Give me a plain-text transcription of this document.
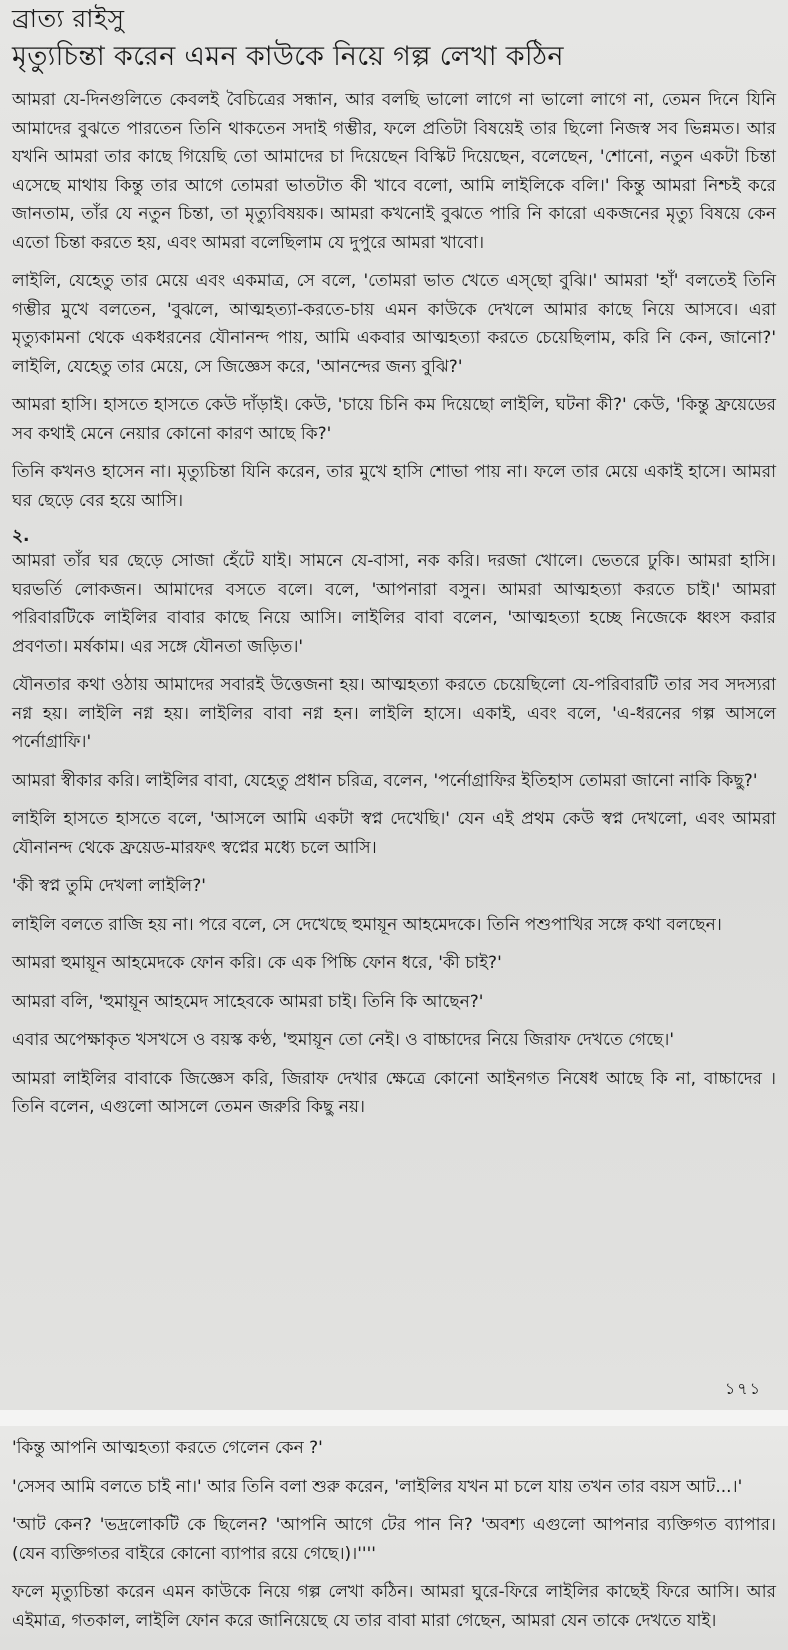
ব্রাত্য রাইসু
মৃত্যুচিন্তা করেন এমন কাউকে নিয়ে গল্প লেখা কঠিন

আমরা যে-দিনগুলিতে কেবলই বৈচিত্রের সন্ধান, আর বলছি ভালো লাগে না ভালো লাগে না, তেমন দিনে যিনি আমাদের বুঝতে পারতেন তিনি থাকতেন সদাই গম্ভীর, ফলে প্রতিটা বিষয়েই তার ছিলো নিজস্ব সব ভিন্নমত। আর যখনি আমরা তার কাছে গিয়েছি তো আমাদের চা দিয়েছেন বিস্কিট দিয়েছেন, বলেছেন, 'শোনো, নতুন একটা চিন্তা এসেছে মাথায় কিন্তু তার আগে তোমরা ভাতটাত কী খাবে বলো, আমি লাইলিকে বলি।' কিন্তু আমরা নিশ্চই করে জানতাম, তাঁর যে নতুন চিন্তা, তা মৃত্যুবিষয়ক। আমরা কখনোই বুঝতে পারি নি কারো একজনের মৃত্যু বিষয়ে কেন এতো চিন্তা করতে হয়, এবং আমরা বলেছিলাম যে দুপুরে আমরা খাবো।

লাইলি, যেহেতু তার মেয়ে এবং একমাত্র, সে বলে, 'তোমরা ভাত খেতে এস্‌ছো বুঝি।' আমরা 'হাঁ' বলতেই তিনি গম্ভীর মুখে বলতেন, 'বুঝলে, আত্মহত্যা-করতে-চায় এমন কাউকে দেখলে আমার কাছে নিয়ে আসবে। এরা মৃত্যুকামনা থেকে একধরনের যৌনানন্দ পায়, আমি একবার আত্মহত্যা করতে চেয়েছিলাম, করি নি কেন, জানো?' লাইলি, যেহেতু তার মেয়ে, সে জিজ্ঞেস করে, 'আনন্দের জন্য বুঝি?'

আমরা হাসি। হাসতে হাসতে কেউ দাঁড়াই। কেউ, 'চায়ে চিনি কম দিয়েছো লাইলি, ঘটনা কী?' কেউ, 'কিন্তু ফ্রয়েডের সব কথাই মেনে নেয়ার কোনো কারণ আছে কি?'

তিনি কখনও হাসেন না। মৃত্যুচিন্তা যিনি করেন, তার মুখে হাসি শোভা পায় না। ফলে তার মেয়ে একাই হাসে। আমরা ঘর ছেড়ে বের হয়ে আসি।

২.

আমরা তাঁর ঘর ছেড়ে সোজা হেঁটে যাই। সামনে যে-বাসা, নক করি। দরজা খোলে। ভেতরে ঢুকি। আমরা হাসি। ঘরভর্তি লোকজন। আমাদের বসতে বলে। বলে, 'আপনারা বসুন। আমরা আত্মহত্যা করতে চাই।' আমরা পরিবারটিকে লাইলির বাবার কাছে নিয়ে আসি। লাইলির বাবা বলেন, 'আত্মহত্যা হচ্ছে নিজেকে ধ্বংস করার প্রবণতা। মর্ষকাম। এর সঙ্গে যৌনতা জড়িত।'

যৌনতার কথা ওঠায় আমাদের সবারই উত্তেজনা হয়। আত্মহত্যা করতে চেয়েছিলো যে-পরিবারটি তার সব সদস্যরা নগ্ন হয়। লাইলি নগ্ন হয়। লাইলির বাবা নগ্ন হন। লাইলি হাসে। একাই, এবং বলে, 'এ-ধরনের গল্প আসলে পর্নোগ্রাফি।'

আমরা স্বীকার করি। লাইলির বাবা, যেহেতু প্রধান চরিত্র, বলেন, 'পর্নোগ্রাফির ইতিহাস তোমরা জানো নাকি কিছু?'

লাইলি হাসতে হাসতে বলে, 'আসলে আমি একটা স্বপ্ন দেখেছি।' যেন এই প্রথম কেউ স্বপ্ন দেখলো, এবং আমরা যৌনানন্দ থেকে ফ্রয়েড-মারফৎ স্বপ্নের মধ্যে চলে আসি।

'কী স্বপ্ন তুমি দেখলা লাইলি?'

লাইলি বলতে রাজি হয় না। পরে বলে, সে দেখেছে হুমায়ূন আহমেদকে। তিনি পশুপাখির সঙ্গে কথা বলছেন।

আমরা হুমায়ূন আহমেদকে ফোন করি। কে এক পিচ্চি ফোন ধরে, 'কী চাই?'

আমরা বলি, 'হুমায়ূন আহমেদ সাহেবকে আমরা চাই। তিনি কি আছেন?'

এবার অপেক্ষাকৃত খসখসে ও বয়স্ক কণ্ঠ, 'হুমায়ূন তো নেই। ও বাচ্চাদের নিয়ে জিরাফ দেখতে গেছে।'

আমরা লাইলির বাবাকে জিজ্ঞেস করি, জিরাফ দেখার ক্ষেত্রে কোনো আইনগত নিষেধ আছে কি না, বাচ্চাদের । তিনি বলেন, এগুলো আসলে তেমন জরুরি কিছু নয়।

১৭১

'কিন্তু আপনি আত্মহত্যা করতে গেলেন কেন ?'

'সেসব আমি বলতে চাই না।' আর তিনি বলা শুরু করেন, 'লাইলির যখন মা চলে যায় তখন তার বয়স আট...।'

'আট কেন? 'ভদ্রলোকটি কে ছিলেন? 'আপনি আগে টের পান নি? 'অবশ্য এগুলো আপনার ব্যক্তিগত ব্যাপার। (যেন ব্যক্তিগতর বাইরে কোনো ব্যাপার রয়ে গেছে।)।''''

ফলে মৃত্যুচিন্তা করেন এমন কাউকে নিয়ে গল্প লেখা কঠিন। আমরা ঘুরে-ফিরে লাইলির কাছেই ফিরে আসি। আর এইমাত্র, গতকাল, লাইলি ফোন করে জানিয়েছে যে তার বাবা মারা গেছেন, আমরা যেন তাকে দেখতে যাই।
